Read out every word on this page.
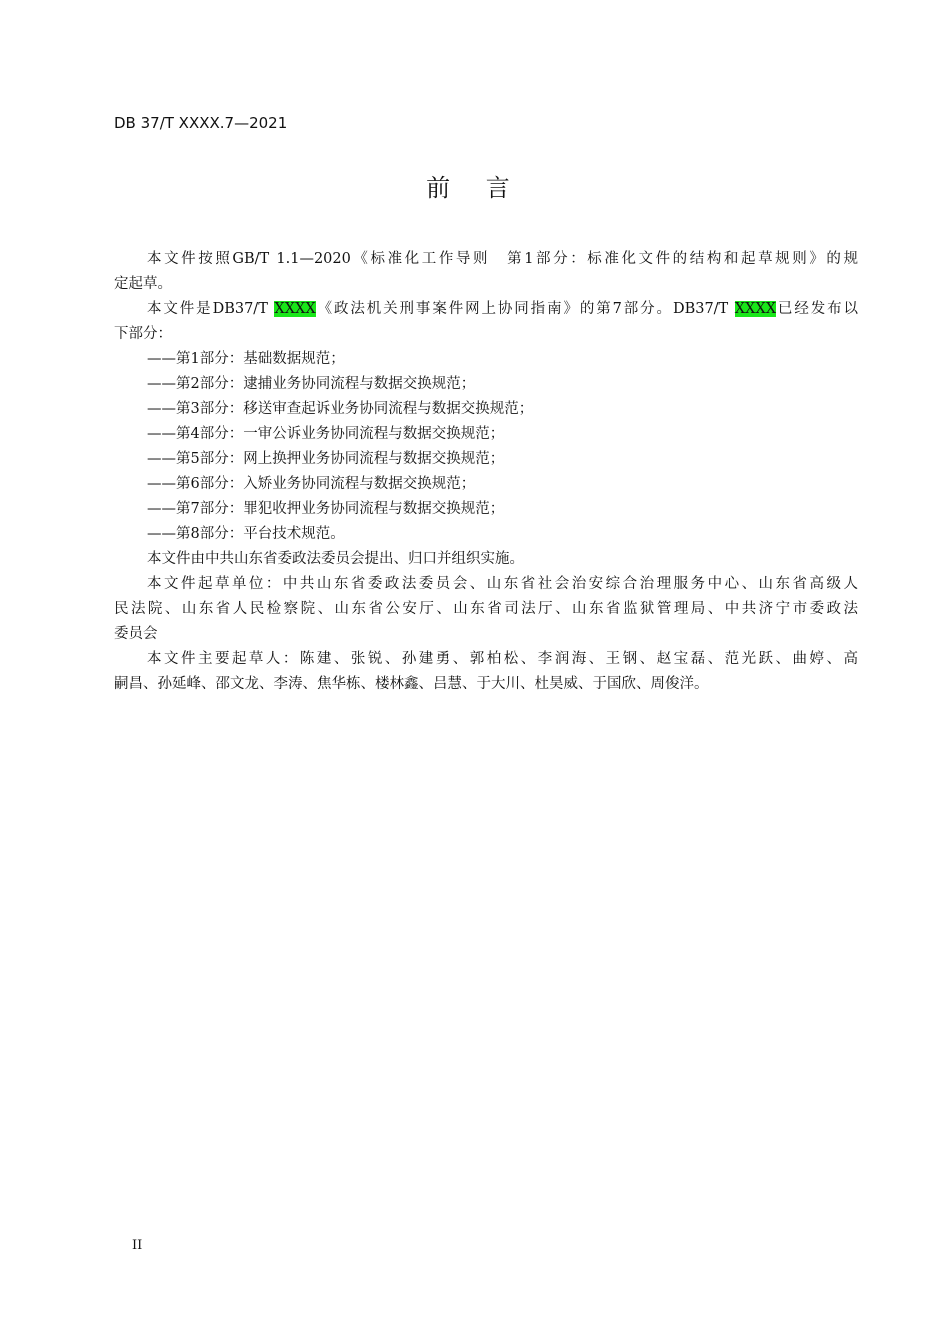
DB 37/T XXXX.7—2021
前 言
本文件按照GB/T 1.1—2020《标准化工作导则　第1部分：标准化文件的结构和起草规则》的规
定起草。
本文件是DB37/T XXXX《政法机关刑事案件网上协同指南》的第7部分。DB37/T XXXX已经发布以
下部分：
——第1部分：基础数据规范；
——第2部分：逮捕业务协同流程与数据交换规范；
——第3部分：移送审查起诉业务协同流程与数据交换规范；
——第4部分：一审公诉业务协同流程与数据交换规范；
——第5部分：网上换押业务协同流程与数据交换规范；
——第6部分：入矫业务协同流程与数据交换规范；
——第7部分：罪犯收押业务协同流程与数据交换规范；
——第8部分：平台技术规范。
本文件由中共山东省委政法委员会提出、归口并组织实施。
本文件起草单位：中共山东省委政法委员会、山东省社会治安综合治理服务中心、山东省高级人
民法院、山东省人民检察院、山东省公安厅、山东省司法厅、山东省监狱管理局、中共济宁市委政法
委员会
本文件主要起草人：陈建、张锐、孙建勇、郭柏松、李润海、王钢、赵宝磊、范光跃、曲婷、高
嗣昌、孙延峰、邵文龙、李涛、焦华栋、楼林鑫、吕慧、于大川、杜昊威、于国欣、周俊洋。
II
